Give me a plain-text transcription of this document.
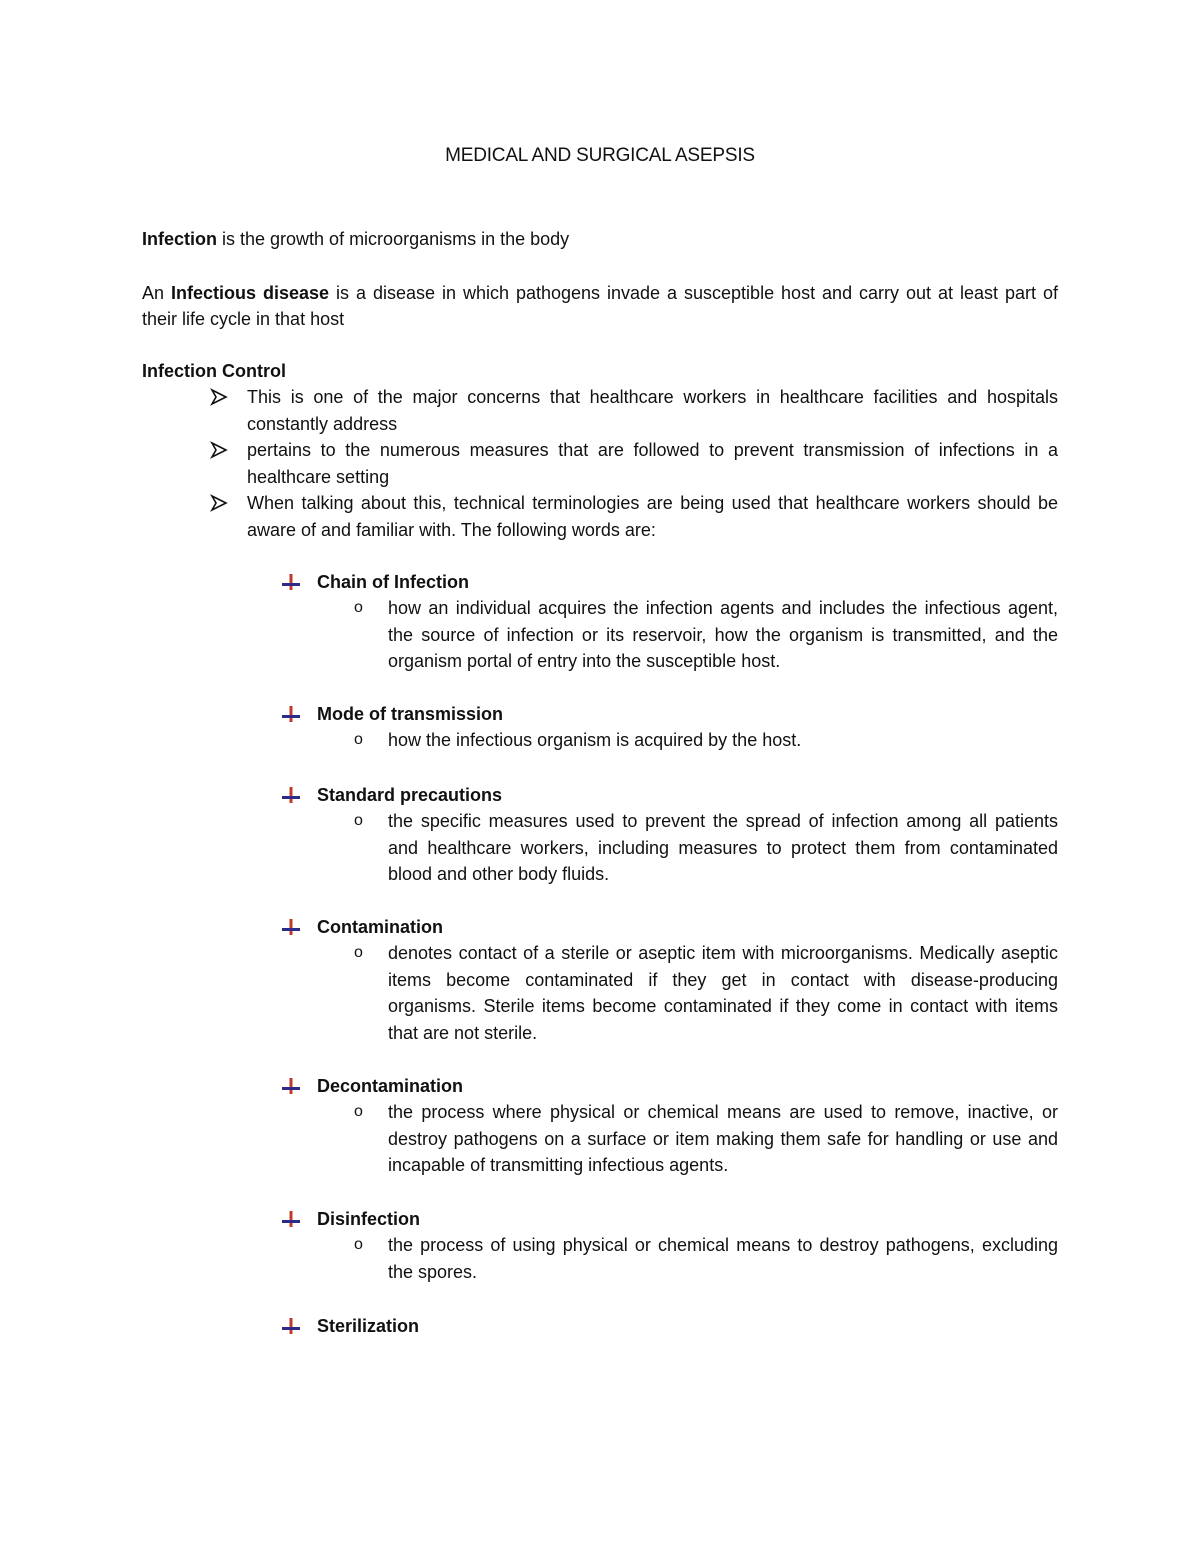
MEDICAL AND SURGICAL ASEPSIS
Infection is the growth of microorganisms in the body
An Infectious disease is a disease in which pathogens invade a susceptible host and carry out at least part of their life cycle in that host
Infection Control
This is one of the major concerns that healthcare workers in healthcare facilities and hospitals constantly address
pertains to the numerous measures that are followed to prevent transmission of infections in a healthcare setting
When talking about this, technical terminologies are being used that healthcare workers should be aware of and familiar with. The following words are:
Chain of Infection
o how an individual acquires the infection agents and includes the infectious agent, the source of infection or its reservoir, how the organism is transmitted, and the organism portal of entry into the susceptible host.
Mode of transmission
o how the infectious organism is acquired by the host.
Standard precautions
o the specific measures used to prevent the spread of infection among all patients and healthcare workers, including measures to protect them from contaminated blood and other body fluids.
Contamination
o denotes contact of a sterile or aseptic item with microorganisms. Medically aseptic items become contaminated if they get in contact with disease-producing organisms. Sterile items become contaminated if they come in contact with items that are not sterile.
Decontamination
o the process where physical or chemical means are used to remove, inactive, or destroy pathogens on a surface or item making them safe for handling or use and incapable of transmitting infectious agents.
Disinfection
o the process of using physical or chemical means to destroy pathogens, excluding the spores.
Sterilization
